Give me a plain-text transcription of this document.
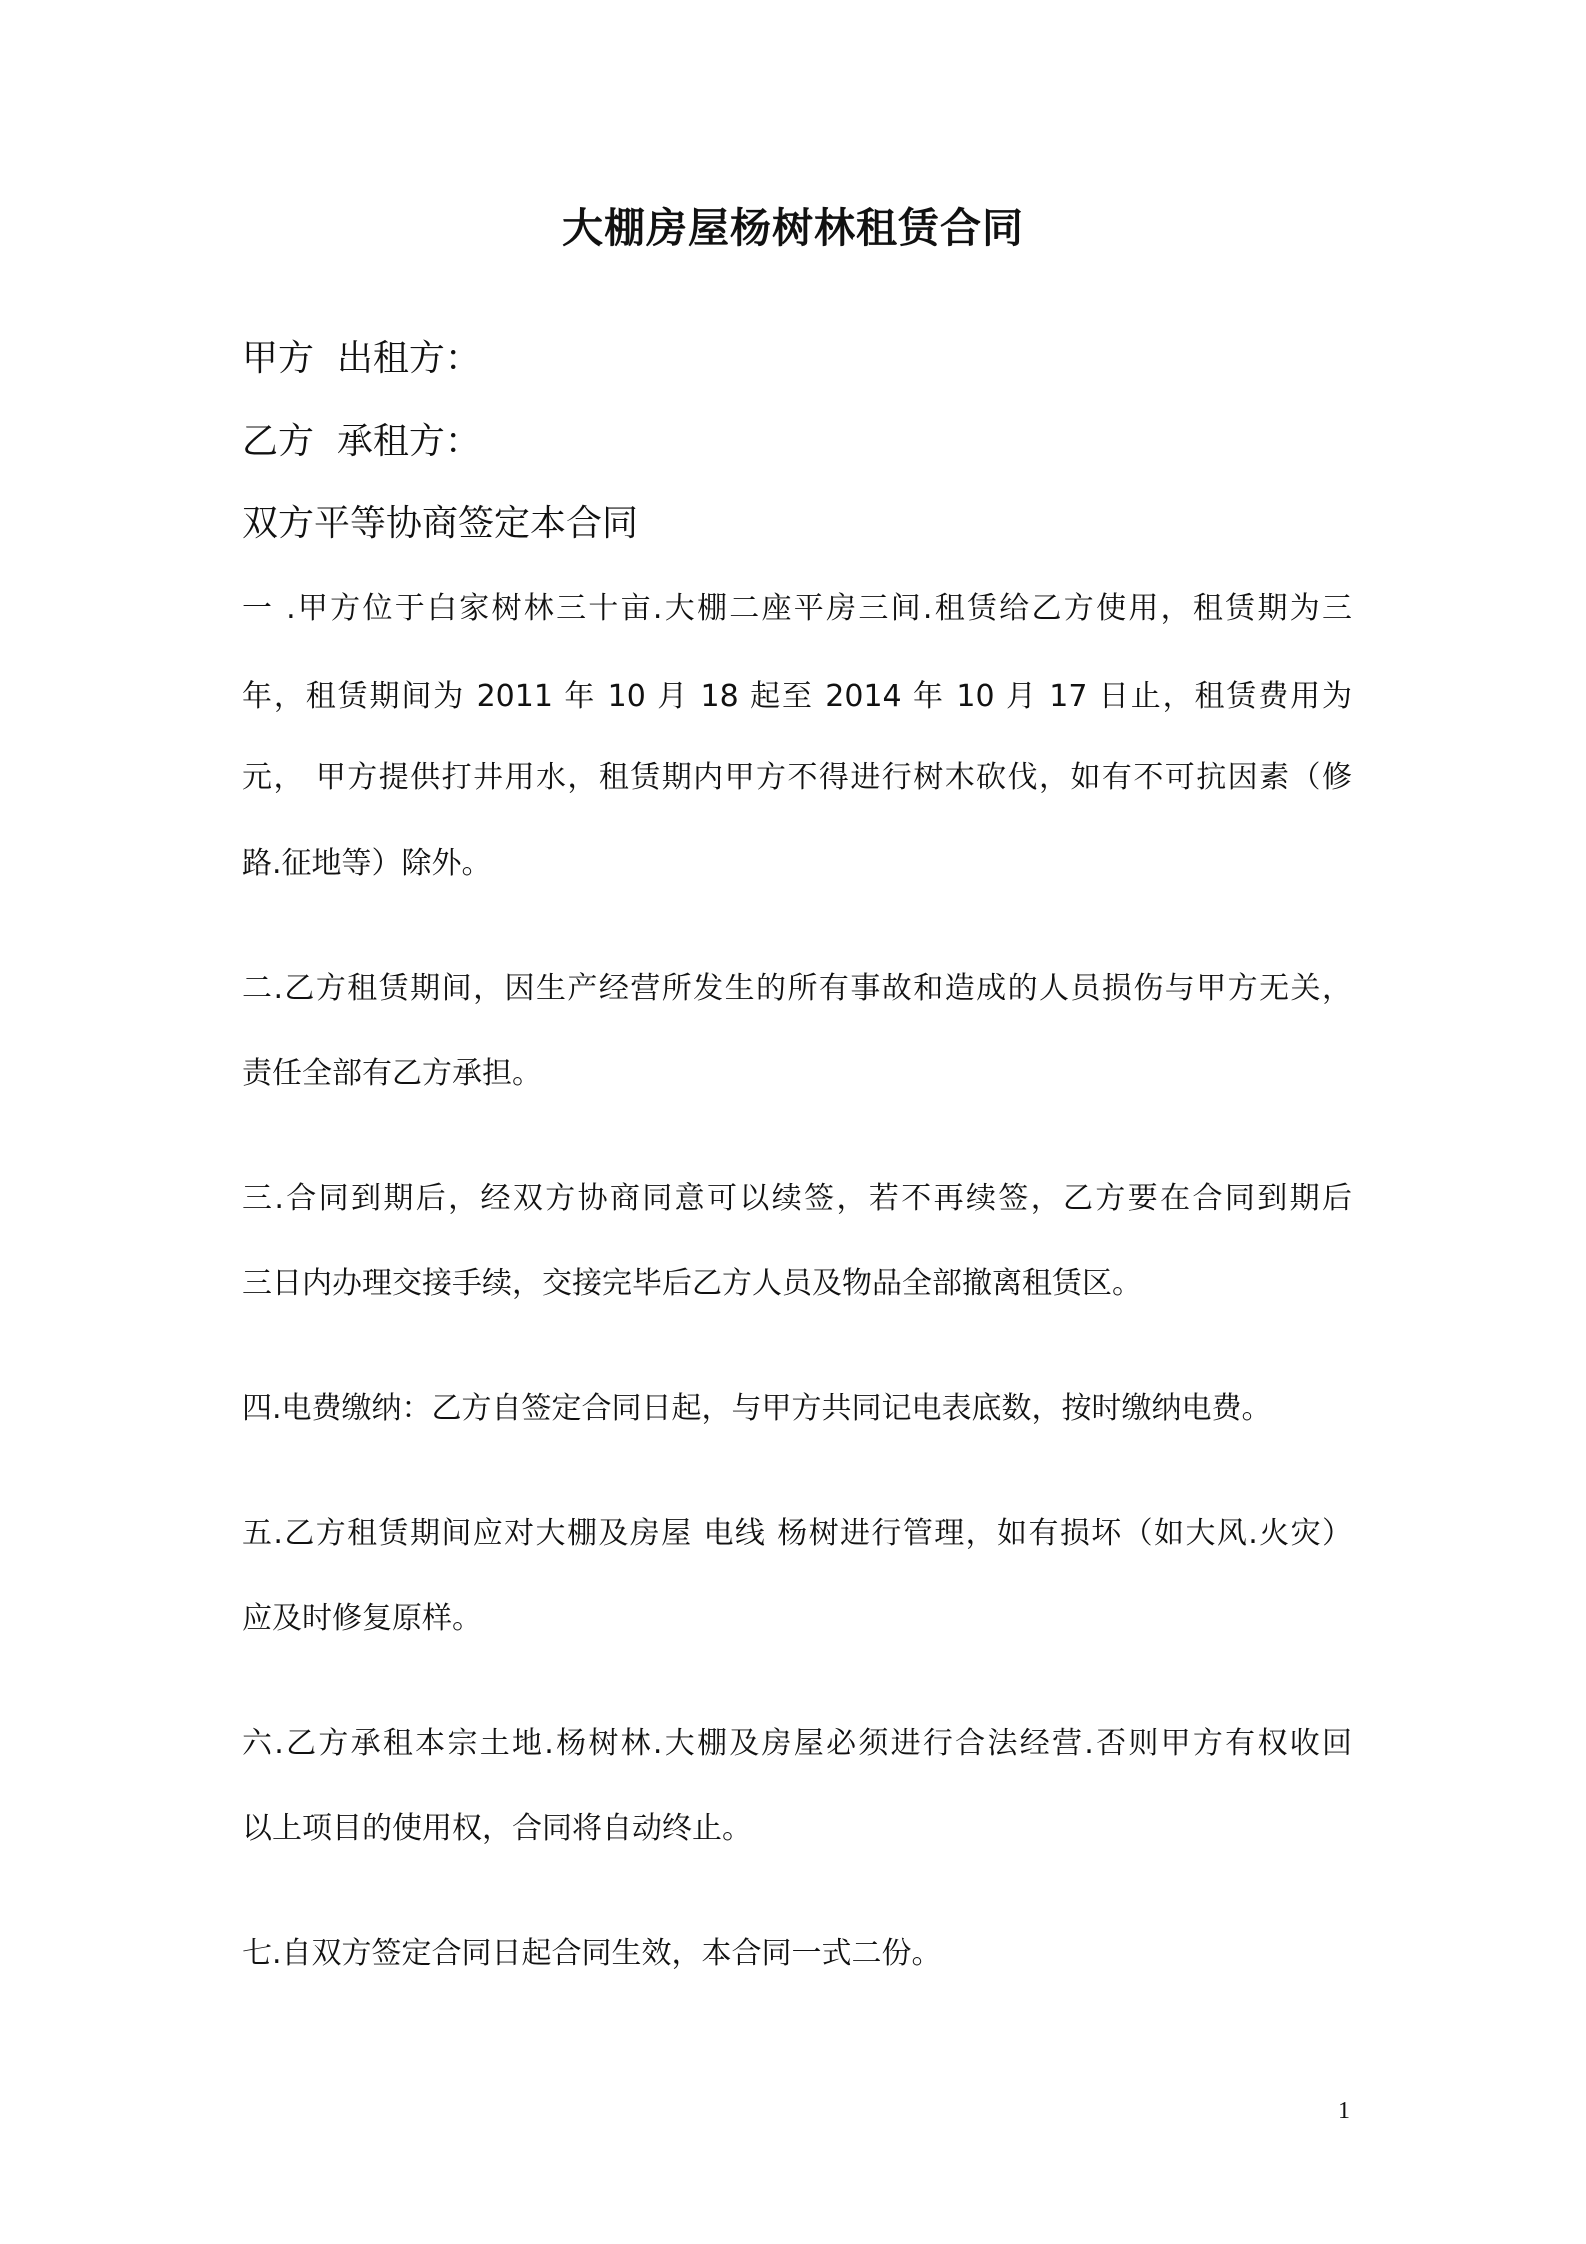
大棚房屋杨树林租赁合同
甲方  出租方：
乙方  承租方：
双方平等协商签定本合同
一 .甲方位于白家树林三十亩.大棚二座平房三间.租赁给乙方使用，租赁期为三
年，租赁期间为 2011 年 10 月 18 起至 2014 年 10 月 17 日止，租赁费用为
元， 甲方提供打井用水，租赁期内甲方不得进行树木砍伐，如有不可抗因素（修
路.征地等）除外。
二.乙方租赁期间，因生产经营所发生的所有事故和造成的人员损伤与甲方无关，
责任全部有乙方承担。
三.合同到期后，经双方协商同意可以续签，若不再续签，乙方要在合同到期后
三日内办理交接手续，交接完毕后乙方人员及物品全部撤离租赁区。
四.电费缴纳：乙方自签定合同日起，与甲方共同记电表底数，按时缴纳电费。
五.乙方租赁期间应对大棚及房屋 电线 杨树进行管理，如有损坏（如大风.火灾）
应及时修复原样。
六.乙方承租本宗土地.杨树林.大棚及房屋必须进行合法经营.否则甲方有权收回
以上项目的使用权，合同将自动终止。
七.自双方签定合同日起合同生效，本合同一式二份。
1
